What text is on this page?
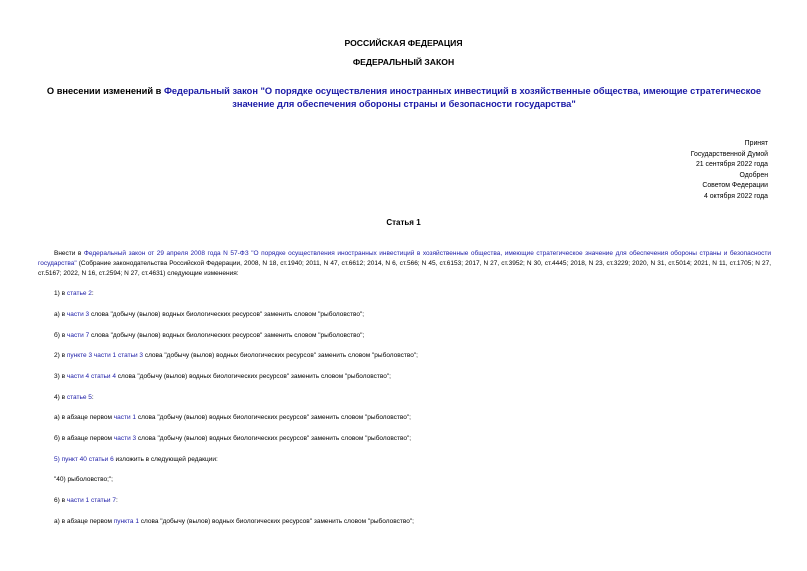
РОССИЙСКАЯ ФЕДЕРАЦИЯ
ФЕДЕРАЛЬНЫЙ ЗАКОН
О внесении изменений в Федеральный закон "О порядке осуществления иностранных инвестиций в хозяйственные общества, имеющие стратегическое значение для обеспечения обороны страны и безопасности государства"
Принят
Государственной Думой
21 сентября 2022 года
Одобрен
Советом Федерации
4 октября 2022 года
Статья 1
Внести в Федеральный закон от 29 апреля 2008 года N 57-ФЗ "О порядке осуществления иностранных инвестиций в хозяйственные общества, имеющие стратегическое значение для обеспечения обороны страны и безопасности государства" (Собрание законодательства Российской Федерации, 2008, N 18, ст.1940; 2011, N 47, ст.6612; 2014, N 6, ст.566; N 45, ст.6153; 2017, N 27, ст.3952; N 30, ст.4445; 2018, N 23, ст.3229; 2020, N 31, ст.5014; 2021, N 11, ст.1705; N 27, ст.5167; 2022, N 16, ст.2594; N 27, ст.4631) следующие изменения:
1) в статье 2:
а) в части 3 слова "добычу (вылов) водных биологических ресурсов" заменить словом "рыболовство";
б) в части 7 слова "добычу (вылов) водных биологических ресурсов" заменить словом "рыболовство";
2) в пункте 3 части 1 статьи 3 слова "добычу (вылов) водных биологических ресурсов" заменить словом "рыболовство";
3) в части 4 статьи 4 слова "добычу (вылов) водных биологических ресурсов" заменить словом "рыболовство";
4) в статье 5:
а) в абзаце первом части 1 слова "добычу (вылов) водных биологических ресурсов" заменить словом "рыболовство";
б) в абзаце первом части 3 слова "добычу (вылов) водных биологических ресурсов" заменить словом "рыболовство";
5) пункт 40 статьи 6 изложить в следующей редакции:
"40) рыболовство;";
6) в части 1 статьи 7:
а) в абзаце первом пункта 1 слова "добычу (вылов) водных биологических ресурсов" заменить словом "рыболовство";
